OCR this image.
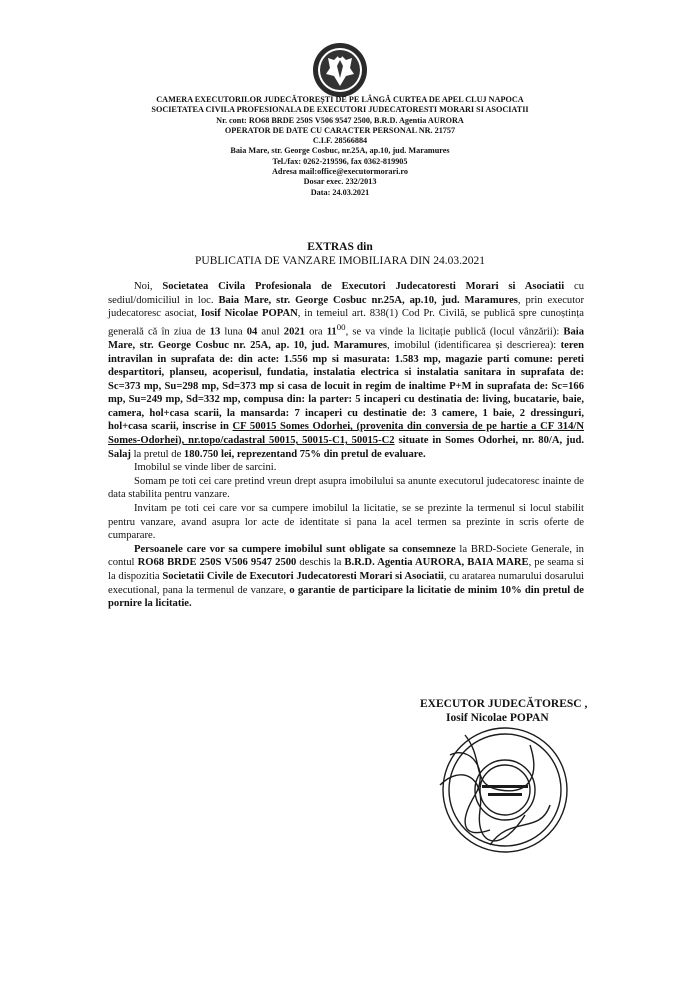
CAMERA EXECUTORILOR JUDECĂTOREȘTI DE PE LÂNGĂ CURTEA DE APEL CLUJ NAPOCA
SOCIETATEA CIVILA PROFESIONALA DE EXECUTORI JUDECATORESTI MORARI SI ASOCIATII
Nr. cont: RO68 BRDE 250S V506 9547 2500, B.R.D. Agentia AURORA
OPERATOR DE DATE CU CARACTER PERSONAL NR. 21757
C.I.F. 28566884
Baia Mare, str. George Cosbuc, nr.25A, ap.10, jud. Maramures
Tel./fax: 0262-219596, fax 0362-819905
Adresa mail:office@executormorari.ro
Dosar exec. 232/2013
Data: 24.03.2021
EXTRAS din
PUBLICATIA DE VANZARE IMOBILIARA DIN 24.03.2021

Noi, Societatea Civila Profesionala de Executori Judecatoresti Morari si Asociatii cu sediul/domiciliul in loc. Baia Mare, str. George Cosbuc nr.25A, ap.10, jud. Maramures, prin executor judecatoresc asociat, Iosif Nicolae POPAN, in temeiul art. 838(1) Cod Pr. Civilă, se publică spre cunoștința generală că în ziua de 13 luna 04 anul 2021 ora $11^{00}$, se va vinde la licitație publică (locul vânzării): Baia Mare, str. George Cosbuc nr. 25A, ap. 10, jud. Maramures, imobilul (identificarea și descrierea): teren intravilan in suprafata de: din acte: 1.556 mp si masurata: 1.583 mp, magazie parti comune: pereti despartitori, planseu, acoperisul, fundatia, instalatia electrica si instalatia sanitara in suprafata de: Sc=373 mp, Su=298 mp, Sd=373 mp si casa de locuit in regim de inaltime P+M in suprafata de: Sc=166 mp, Su=249 mp, Sd=332 mp, compusa din: la parter: 5 incaperi cu destinatia de: living, bucatarie, baie, camera, hol+casa scarii, la mansarda: 7 incaperi cu destinatie de: 3 camere, 1 baie, 2 dressinguri, hol+casa scarii, inscrise in CF 50015 Somes Odorhei, (provenita din conversia de pe hartie a CF 314/N Somes-Odorhei), nr.topo/cadastral 50015, 50015-C1, 50015-C2 situate in Somes Odorhei, nr. 80/A, jud. Salaj la pretul de 180.750 lei, reprezentand 75% din pretul de evaluare.

Imobilul se vinde liber de sarcini.

Somam pe toti cei care pretind vreun drept asupra imobilului sa anunte executorul judecatoresc inainte de data stabilita pentru vanzare.

Invitam pe toti cei care vor sa cumpere imobilul la licitatie, se se prezinte la termenul si locul stabilit pentru vanzare, avand asupra lor acte de identitate si pana la acel termen sa prezinte in scris oferte de cumparare.

Persoanele care vor sa cumpere imobilul sunt obligate sa consemneze la BRD-Societe Generale, in contul RO68 BRDE 250S V506 9547 2500 deschis la B.R.D. Agentia AURORA, BAIA MARE, pe seama si la dispozitia Societatii Civile de Executori Judecatoresti Morari si Asociatii, cu aratarea numarului dosarului executional, pana la termenul de vanzare, o garantie de participare la licitatie de minim 10% din pretul de pornire la licitatie.

EXECUTOR JUDECĂTORESC ,
Iosif Nicolae POPAN
